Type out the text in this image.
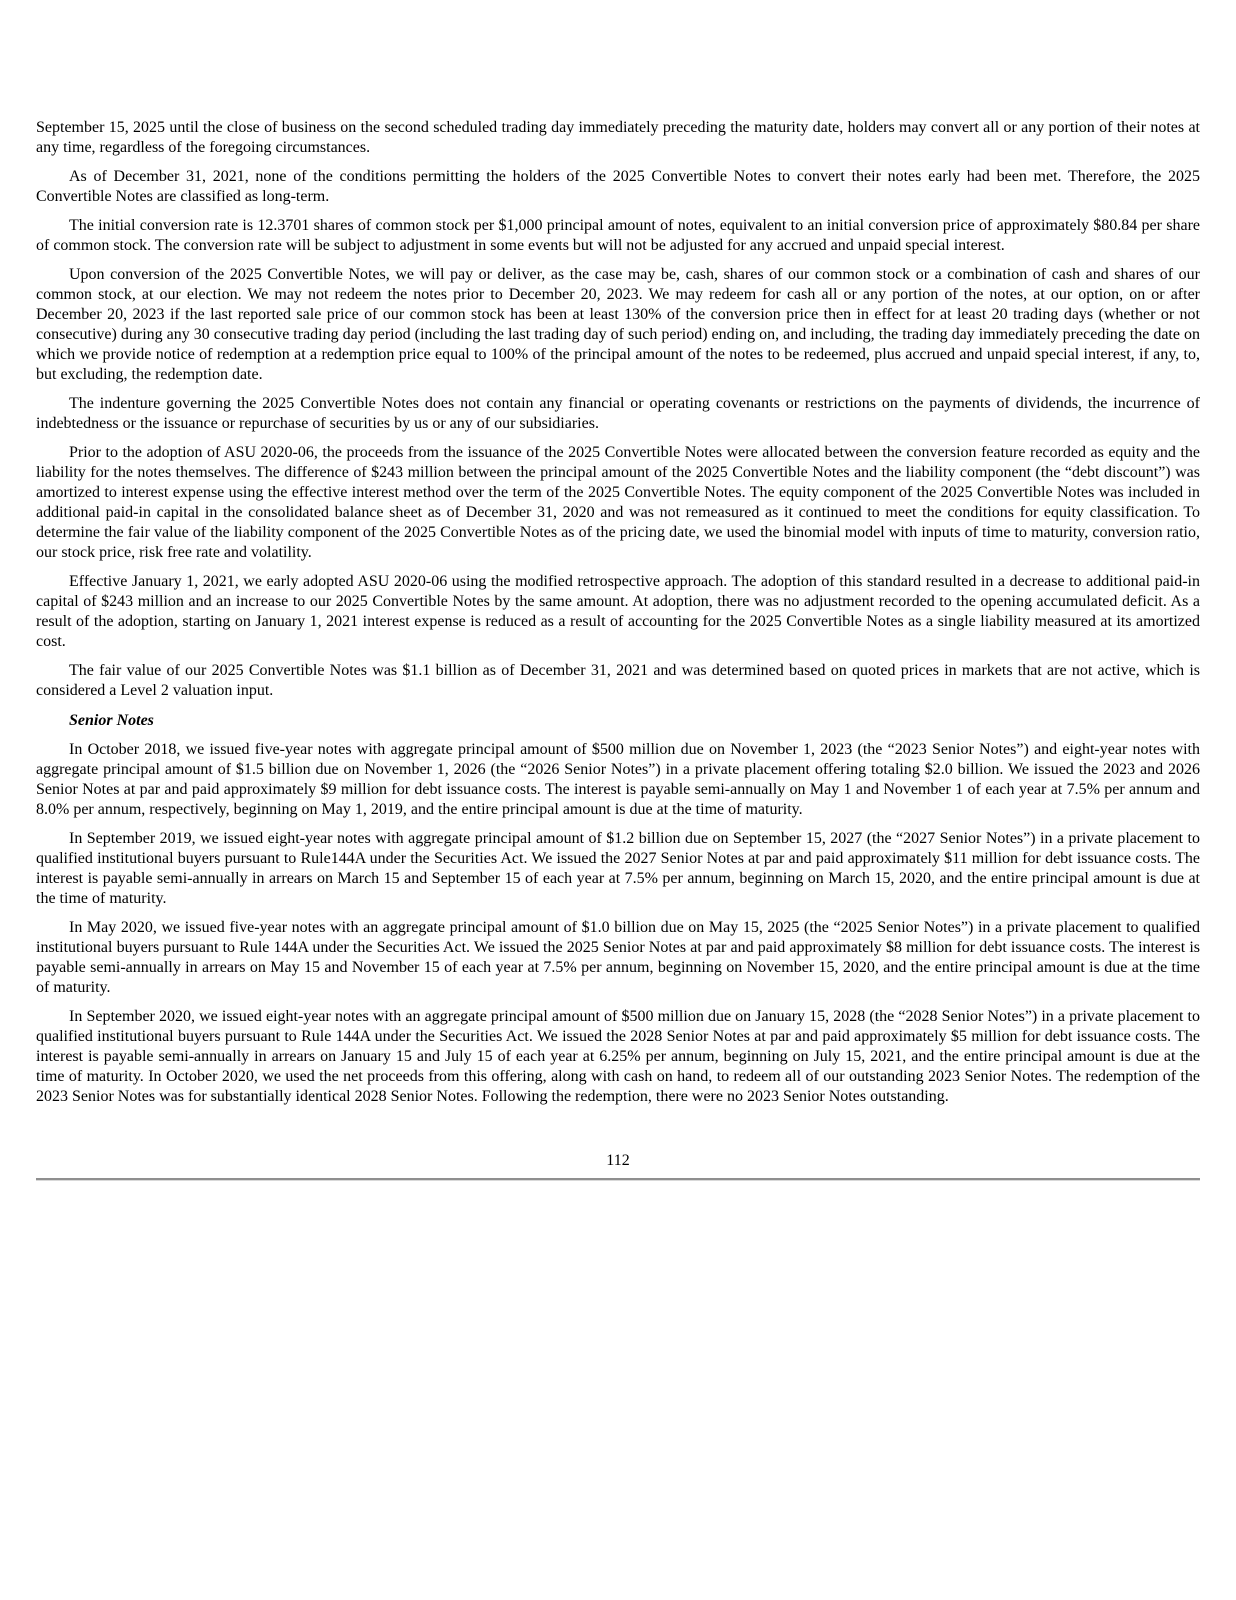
September 15, 2025 until the close of business on the second scheduled trading day immediately preceding the maturity date, holders may convert all or any portion of their notes at any time, regardless of the foregoing circumstances.

As of December 31, 2021, none of the conditions permitting the holders of the 2025 Convertible Notes to convert their notes early had been met. Therefore, the 2025 Convertible Notes are classified as long-term.

The initial conversion rate is 12.3701 shares of common stock per $1,000 principal amount of notes, equivalent to an initial conversion price of approximately $80.84 per share of common stock. The conversion rate will be subject to adjustment in some events but will not be adjusted for any accrued and unpaid special interest.

Upon conversion of the 2025 Convertible Notes, we will pay or deliver, as the case may be, cash, shares of our common stock or a combination of cash and shares of our common stock, at our election. We may not redeem the notes prior to December 20, 2023. We may redeem for cash all or any portion of the notes, at our option, on or after December 20, 2023 if the last reported sale price of our common stock has been at least 130% of the conversion price then in effect for at least 20 trading days (whether or not consecutive) during any 30 consecutive trading day period (including the last trading day of such period) ending on, and including, the trading day immediately preceding the date on which we provide notice of redemption at a redemption price equal to 100% of the principal amount of the notes to be redeemed, plus accrued and unpaid special interest, if any, to, but excluding, the redemption date.

The indenture governing the 2025 Convertible Notes does not contain any financial or operating covenants or restrictions on the payments of dividends, the incurrence of indebtedness or the issuance or repurchase of securities by us or any of our subsidiaries.

Prior to the adoption of ASU 2020-06, the proceeds from the issuance of the 2025 Convertible Notes were allocated between the conversion feature recorded as equity and the liability for the notes themselves. The difference of $243 million between the principal amount of the 2025 Convertible Notes and the liability component (the “debt discount”) was amortized to interest expense using the effective interest method over the term of the 2025 Convertible Notes. The equity component of the 2025 Convertible Notes was included in additional paid-in capital in the consolidated balance sheet as of December 31, 2020 and was not remeasured as it continued to meet the conditions for equity classification. To determine the fair value of the liability component of the 2025 Convertible Notes as of the pricing date, we used the binomial model with inputs of time to maturity, conversion ratio, our stock price, risk free rate and volatility.

Effective January 1, 2021, we early adopted ASU 2020-06 using the modified retrospective approach. The adoption of this standard resulted in a decrease to additional paid-in capital of $243 million and an increase to our 2025 Convertible Notes by the same amount. At adoption, there was no adjustment recorded to the opening accumulated deficit. As a result of the adoption, starting on January 1, 2021 interest expense is reduced as a result of accounting for the 2025 Convertible Notes as a single liability measured at its amortized cost.

The fair value of our 2025 Convertible Notes was $1.1 billion as of December 31, 2021 and was determined based on quoted prices in markets that are not active, which is considered a Level 2 valuation input.

Senior Notes

In October 2018, we issued five-year notes with aggregate principal amount of $500 million due on November 1, 2023 (the “2023 Senior Notes”) and eight-year notes with aggregate principal amount of $1.5 billion due on November 1, 2026 (the “2026 Senior Notes”) in a private placement offering totaling $2.0 billion. We issued the 2023 and 2026 Senior Notes at par and paid approximately $9 million for debt issuance costs. The interest is payable semi-annually on May 1 and November 1 of each year at 7.5% per annum and 8.0% per annum, respectively, beginning on May 1, 2019, and the entire principal amount is due at the time of maturity.

In September 2019, we issued eight-year notes with aggregate principal amount of $1.2 billion due on September 15, 2027 (the “2027 Senior Notes”) in a private placement to qualified institutional buyers pursuant to Rule144A under the Securities Act. We issued the 2027 Senior Notes at par and paid approximately $11 million for debt issuance costs. The interest is payable semi-annually in arrears on March 15 and September 15 of each year at 7.5% per annum, beginning on March 15, 2020, and the entire principal amount is due at the time of maturity.

In May 2020, we issued five-year notes with an aggregate principal amount of $1.0 billion due on May 15, 2025 (the “2025 Senior Notes”) in a private placement to qualified institutional buyers pursuant to Rule 144A under the Securities Act. We issued the 2025 Senior Notes at par and paid approximately $8 million for debt issuance costs. The interest is payable semi-annually in arrears on May 15 and November 15 of each year at 7.5% per annum, beginning on November 15, 2020, and the entire principal amount is due at the time of maturity.

In September 2020, we issued eight-year notes with an aggregate principal amount of $500 million due on January 15, 2028 (the “2028 Senior Notes”) in a private placement to qualified institutional buyers pursuant to Rule 144A under the Securities Act. We issued the 2028 Senior Notes at par and paid approximately $5 million for debt issuance costs. The interest is payable semi-annually in arrears on January 15 and July 15 of each year at 6.25% per annum, beginning on July 15, 2021, and the entire principal amount is due at the time of maturity. In October 2020, we used the net proceeds from this offering, along with cash on hand, to redeem all of our outstanding 2023 Senior Notes. The redemption of the 2023 Senior Notes was for substantially identical 2028 Senior Notes. Following the redemption, there were no 2023 Senior Notes outstanding.

112
